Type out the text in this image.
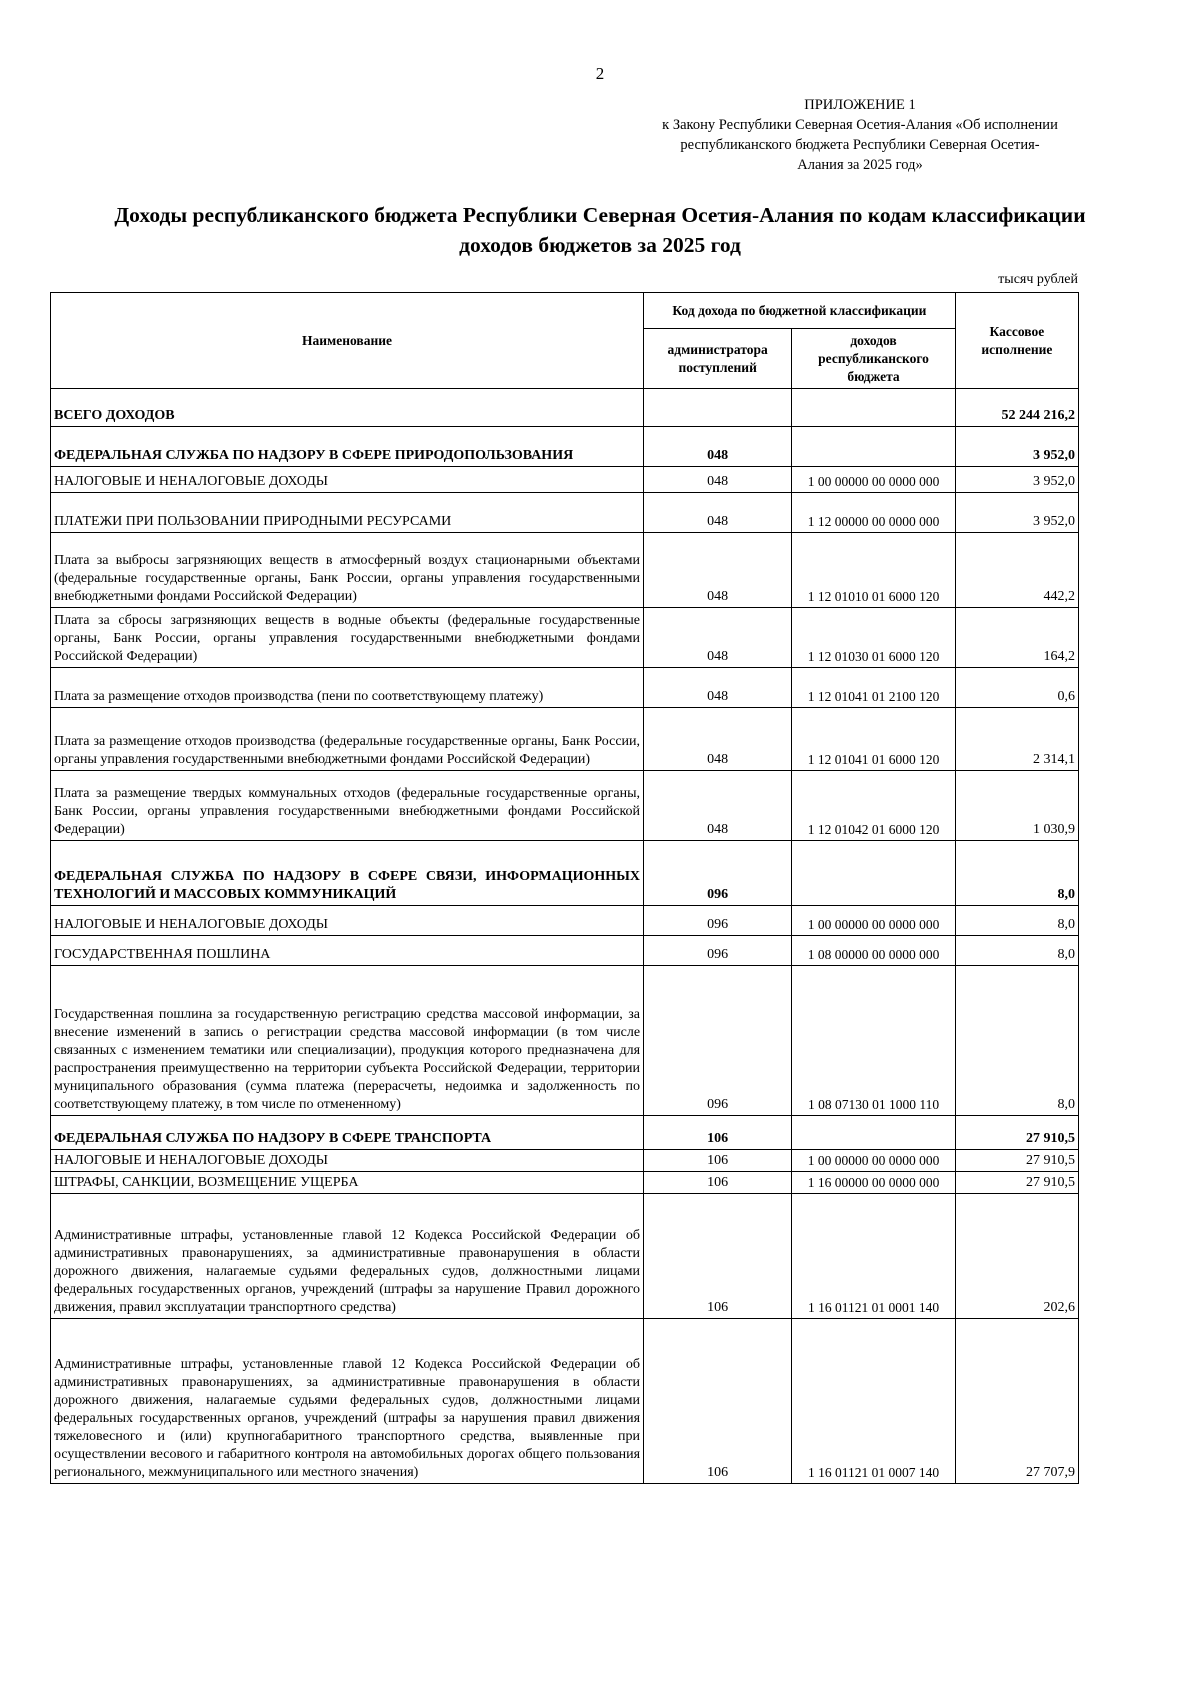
2
ПРИЛОЖЕНИЕ 1
к Закону Республики Северная Осетия-Алания «Об исполнении
республиканского бюджета Республики Северная Осетия-
Алания за 2025 год»
Доходы республиканского бюджета Республики Северная Осетия-Алания по кодам классификации
доходов бюджетов за 2025 год
тысяч рублей
Наименование	Код дохода по бюджетной классификации		Кассовое исполнение
	администратора поступлений	доходов республиканского бюджета	
ВСЕГО ДОХОДОВ			52 244 216,2
ФЕДЕРАЛЬНАЯ СЛУЖБА ПО НАДЗОРУ В СФЕРЕ ПРИРОДОПОЛЬЗОВАНИЯ	048		3 952,0
НАЛОГОВЫЕ И НЕНАЛОГОВЫЕ ДОХОДЫ	048	1 00 00000 00 0000 000	3 952,0
ПЛАТЕЖИ ПРИ ПОЛЬЗОВАНИИ ПРИРОДНЫМИ РЕСУРСАМИ	048	1 12 00000 00 0000 000	3 952,0
Плата за выбросы загрязняющих веществ в атмосферный воздух стационарными объектами (федеральные государственные органы, Банк России, органы управления государственными внебюджетными фондами Российской Федерации)	048	1 12 01010 01 6000 120	442,2
Плата за сбросы загрязняющих веществ в водные объекты (федеральные государственные органы, Банк России, органы управления государственными внебюджетными фондами Российской Федерации)	048	1 12 01030 01 6000 120	164,2
Плата за размещение отходов производства (пени по соответствующему платежу)	048	1 12 01041 01 2100 120	0,6
Плата за размещение отходов производства (федеральные государственные органы, Банк России, органы управления государственными внебюджетными фондами Российской Федерации)	048	1 12 01041 01 6000 120	2 314,1
Плата за размещение твердых коммунальных отходов (федеральные государственные органы, Банк России, органы управления государственными внебюджетными фондами Российской Федерации)	048	1 12 01042 01 6000 120	1 030,9
ФЕДЕРАЛЬНАЯ СЛУЖБА ПО НАДЗОРУ В СФЕРЕ СВЯЗИ, ИНФОРМАЦИОННЫХ ТЕХНОЛОГИЙ И МАССОВЫХ КОММУНИКАЦИЙ	096		8,0
НАЛОГОВЫЕ И НЕНАЛОГОВЫЕ ДОХОДЫ	096	1 00 00000 00 0000 000	8,0
ГОСУДАРСТВЕННАЯ ПОШЛИНА	096	1 08 00000 00 0000 000	8,0
Государственная пошлина за государственную регистрацию средства массовой информации, за внесение изменений в запись о регистрации средства массовой информации (в том числе связанных с изменением тематики или специализации), продукция которого предназначена для распространения преимущественно на территории субъекта Российской Федерации, территории муниципального образования (сумма платежа (перерасчеты, недоимка и задолженность по соответствующему платежу, в том числе по отмененному)	096	1 08 07130 01 1000 110	8,0
ФЕДЕРАЛЬНАЯ СЛУЖБА ПО НАДЗОРУ В СФЕРЕ ТРАНСПОРТА	106		27 910,5
НАЛОГОВЫЕ И НЕНАЛОГОВЫЕ ДОХОДЫ	106	1 00 00000 00 0000 000	27 910,5
ШТРАФЫ, САНКЦИИ, ВОЗМЕЩЕНИЕ УЩЕРБА	106	1 16 00000 00 0000 000	27 910,5
Административные штрафы, установленные главой 12 Кодекса Российской Федерации об административных правонарушениях, за административные правонарушения в области дорожного движения, налагаемые судьями федеральных судов, должностными лицами федеральных государственных органов, учреждений (штрафы за нарушение Правил дорожного движения, правил эксплуатации транспортного средства)	106	1 16 01121 01 0001 140	202,6
Административные штрафы, установленные главой 12 Кодекса Российской Федерации об административных правонарушениях, за административные правонарушения в области дорожного движения, налагаемые судьями федеральных судов, должностными лицами федеральных государственных органов, учреждений (штрафы за нарушения правил движения тяжеловесного и (или) крупногабаритного транспортного средства, выявленные при осуществлении весового и габаритного контроля на автомобильных дорогах общего пользования регионального, межмуниципального или местного значения)	106	1 16 01121 01 0007 140	27 707,9
